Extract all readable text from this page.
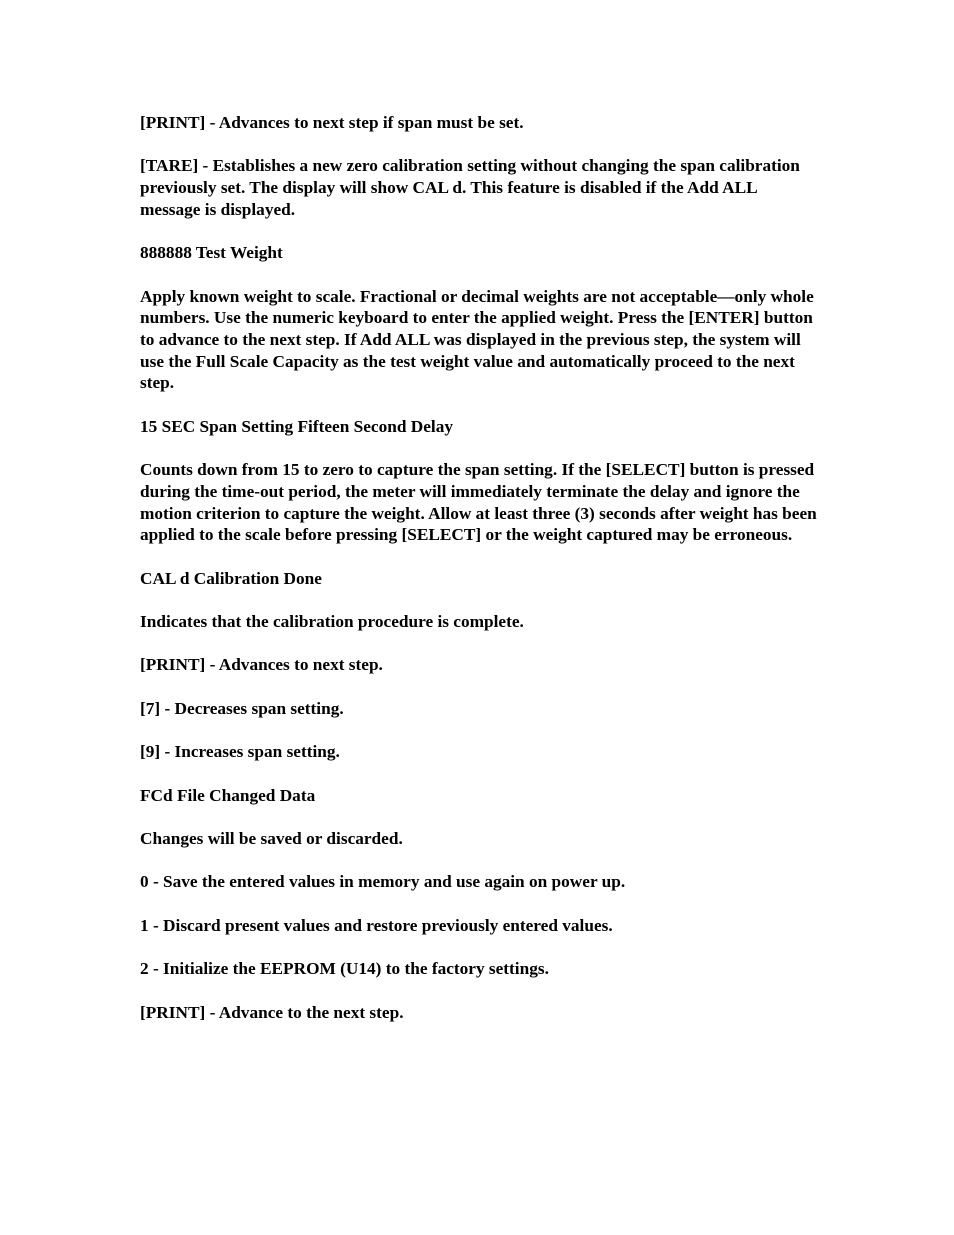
[PRINT] - Advances to next step if span must be set.

[TARE] - Establishes a new zero calibration setting without changing the span calibration previously set. The display will show CAL d. This feature is disabled if the Add ALL message is displayed.

888888 Test Weight

Apply known weight to scale. Fractional or decimal weights are not acceptable—only whole numbers. Use the numeric keyboard to enter the applied weight. Press the [ENTER] button to advance to the next step. If Add ALL was displayed in the previous step, the system will use the Full Scale Capacity as the test weight value and automatically proceed to the next step.

15 SEC Span Setting Fifteen Second Delay

Counts down from 15 to zero to capture the span setting. If the [SELECT] button is pressed during the time-out period, the meter will immediately terminate the delay and ignore the motion criterion to capture the weight. Allow at least three (3) seconds after weight has been applied to the scale before pressing [SELECT] or the weight captured may be erroneous.

CAL d Calibration Done

Indicates that the calibration procedure is complete.

[PRINT] - Advances to next step.

[7] - Decreases span setting.

[9] - Increases span setting.

FCd File Changed Data

Changes will be saved or discarded.

0 - Save the entered values in memory and use again on power up.

1 - Discard present values and restore previously entered values.

2 - Initialize the EEPROM (U14) to the factory settings.

[PRINT] - Advance to the next step.
